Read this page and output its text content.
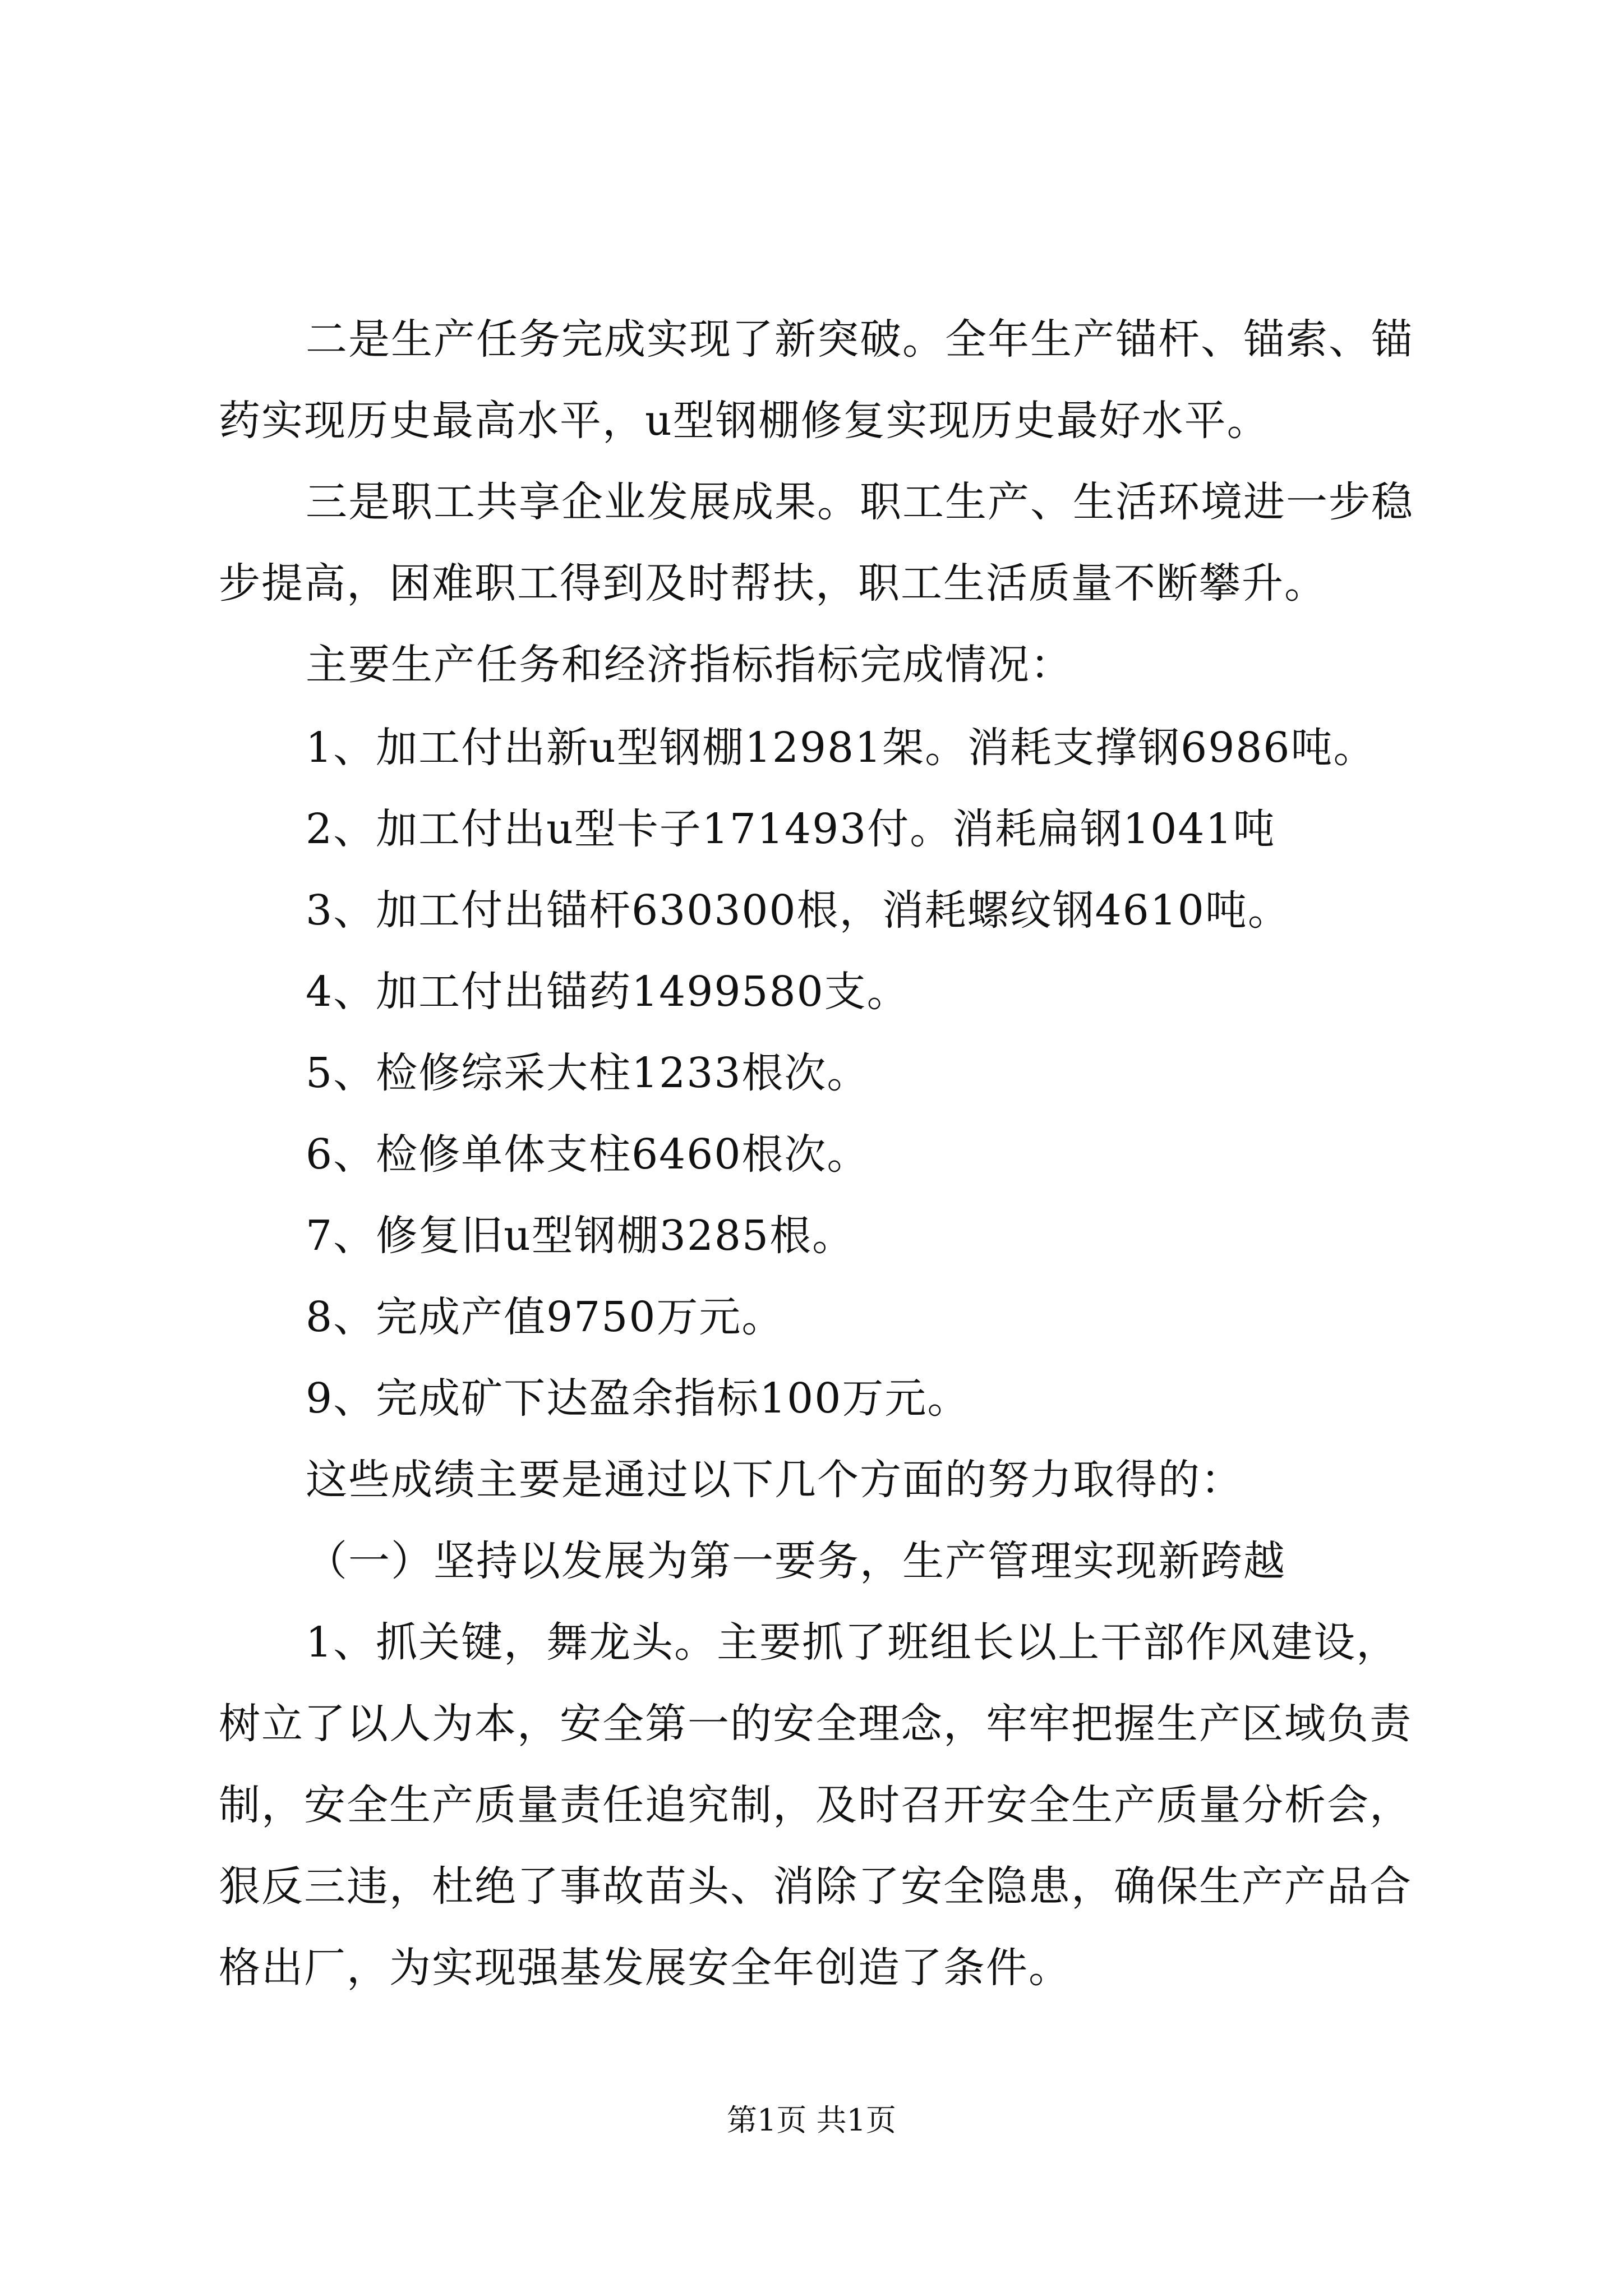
二是生产任务完成实现了新突破。全年生产锚杆、锚索、锚
药实现历史最高水平，u型钢棚修复实现历史最好水平。
三是职工共享企业发展成果。职工生产、生活环境进一步稳
步提高，困难职工得到及时帮扶，职工生活质量不断攀升。
主要生产任务和经济指标指标完成情况：
1、加工付出新u型钢棚12981架。消耗支撑钢6986吨。
2、加工付出u型卡子171493付。消耗扁钢1041吨
3、加工付出锚杆630300根，消耗螺纹钢4610吨。
4、加工付出锚药1499580支。
5、检修综采大柱1233根次。
6、检修单体支柱6460根次。
7、修复旧u型钢棚3285根。
8、完成产值9750万元。
9、完成矿下达盈余指标100万元。
这些成绩主要是通过以下几个方面的努力取得的：
（一）坚持以发展为第一要务，生产管理实现新跨越
1、抓关键，舞龙头。主要抓了班组长以上干部作风建设，
树立了以人为本，安全第一的安全理念，牢牢把握生产区域负责
制，安全生产质量责任追究制，及时召开安全生产质量分析会，
狠反三违，杜绝了事故苗头、消除了安全隐患，确保生产产品合
格出厂，为实现强基发展安全年创造了条件。
第1页 共1页
